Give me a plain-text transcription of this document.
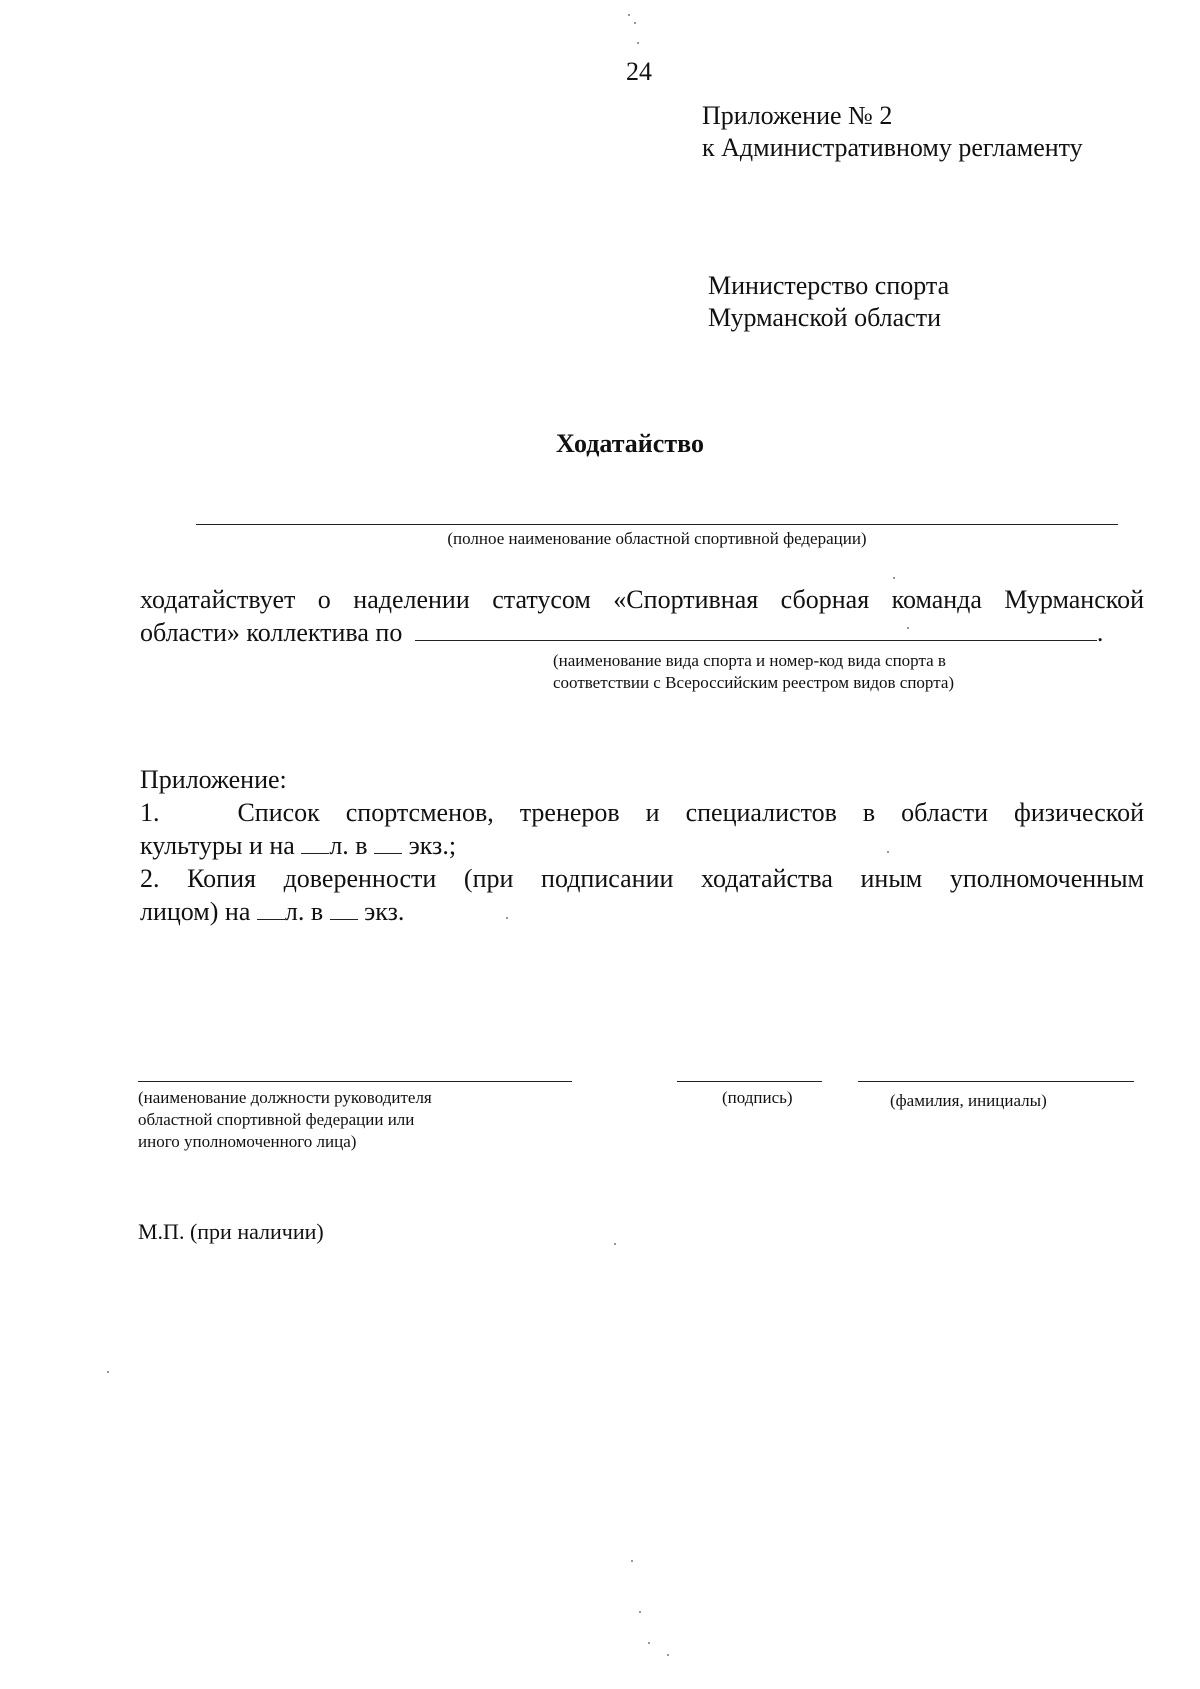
24
Приложение № 2
к Административному регламенту
Министерство спорта
Мурманской области
Ходатайство
(полное наименование областной спортивной федерации)
ходатайствует о наделении статусом «Спортивная сборная команда Мурманской
области» коллектива по	.
(наименование вида спорта и номер-код вида спорта в
соответствии с Всероссийским реестром видов спорта)
Приложение:
1.   Список спортсменов, тренеров и специалистов в области физической
культуры и на л. в экз.;
2. Копия доверенности (при подписании ходатайства иным уполномоченным
лицом) на л. в экз.
(наименование должности руководителя
областной спортивной федерации или
иного уполномоченного лица)
(подпись)	(фамилия, инициалы)
М.П. (при наличии)
